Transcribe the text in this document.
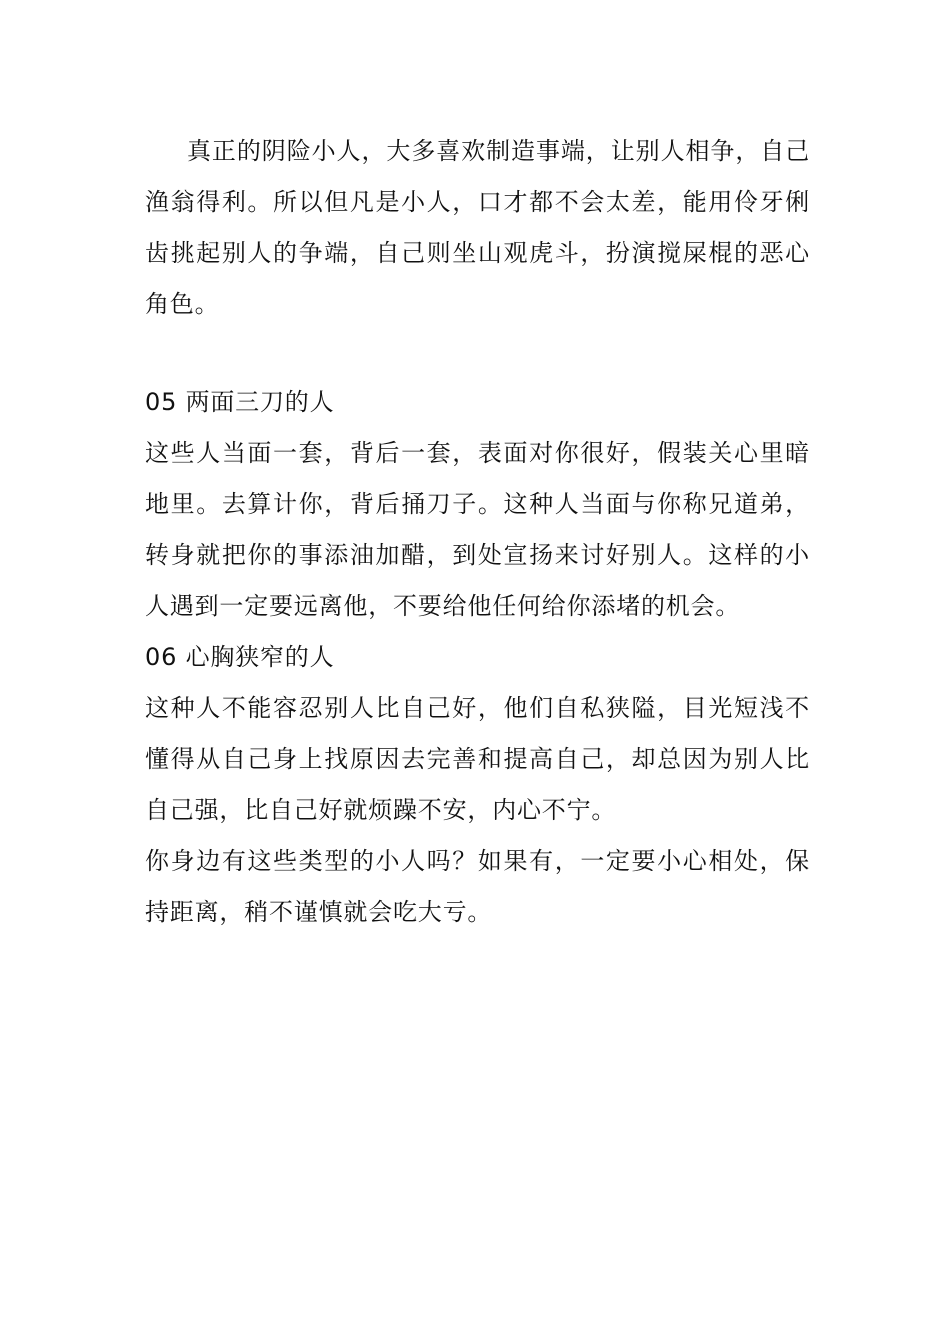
真正的阴险小人，大多喜欢制造事端，让别人相争，自己渔翁得利。所以但凡是小人，口才都不会太差，能用伶牙俐齿挑起别人的争端，自己则坐山观虎斗，扮演搅屎棍的恶心角色。

05 两面三刀的人

这些人当面一套，背后一套，表面对你很好，假装关心里暗地里。去算计你，背后捅刀子。这种人当面与你称兄道弟，转身就把你的事添油加醋，到处宣扬来讨好别人。这样的小人遇到一定要远离他，不要给他任何给你添堵的机会。

06 心胸狭窄的人

这种人不能容忍别人比自己好，他们自私狭隘，目光短浅不懂得从自己身上找原因去完善和提高自己，却总因为别人比自己强，比自己好就烦躁不安，内心不宁。

你身边有这些类型的小人吗？如果有，一定要小心相处，保持距离，稍不谨慎就会吃大亏。
